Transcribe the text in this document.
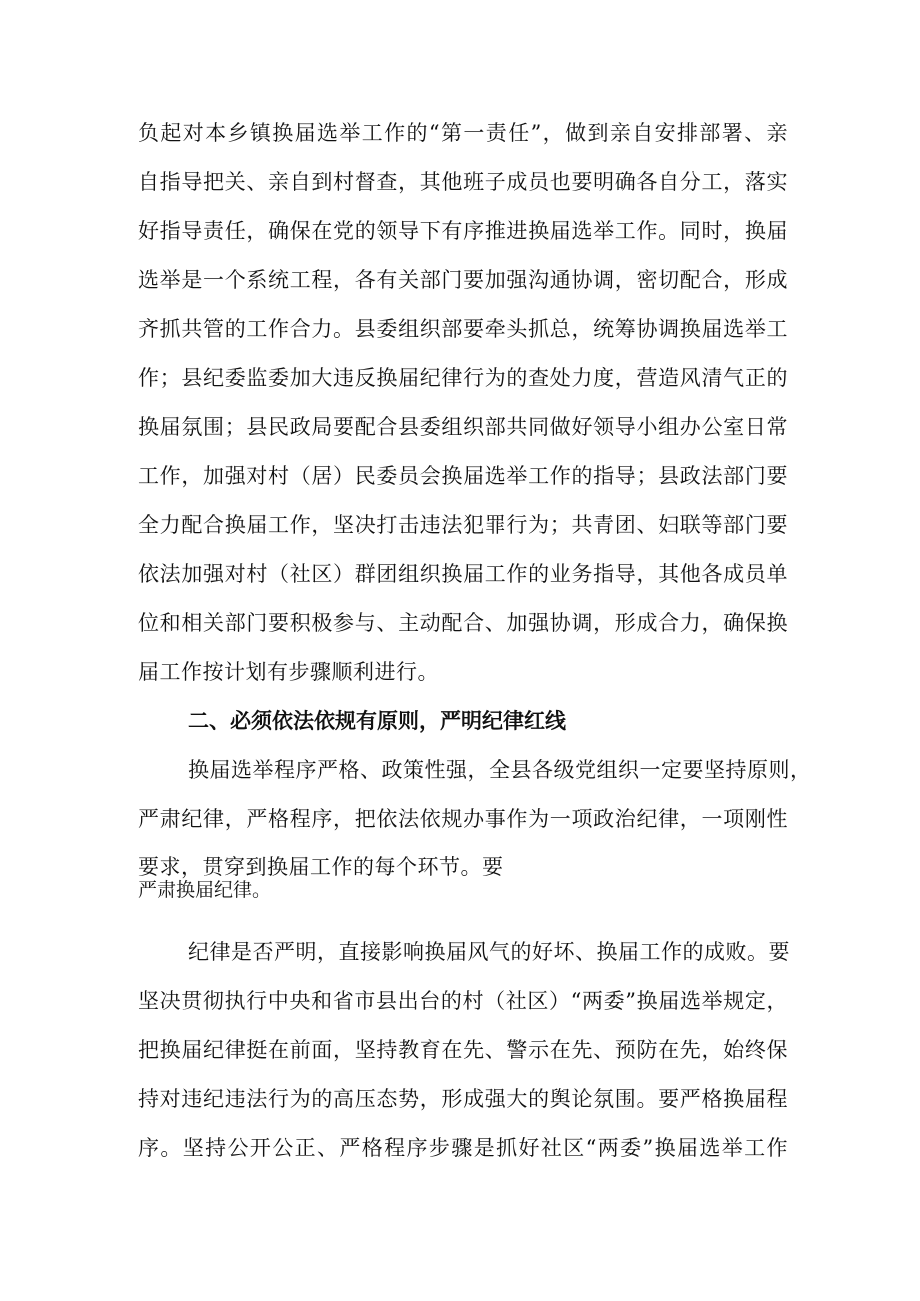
负起对本乡镇换届选举工作的“第一责任”，做到亲自安排部署、亲
自指导把关、亲自到村督查，其他班子成员也要明确各自分工，落实
好指导责任，确保在党的领导下有序推进换届选举工作。同时，换届
选举是一个系统工程，各有关部门要加强沟通协调，密切配合，形成
齐抓共管的工作合力。县委组织部要牵头抓总，统筹协调换届选举工
作；县纪委监委加大违反换届纪律行为的查处力度，营造风清气正的
换届氛围；县民政局要配合县委组织部共同做好领导小组办公室日常
工作，加强对村（居）民委员会换届选举工作的指导；县政法部门要
全力配合换届工作，坚决打击违法犯罪行为；共青团、妇联等部门要
依法加强对村（社区）群团组织换届工作的业务指导，其他各成员单
位和相关部门要积极参与、主动配合、加强协调，形成合力，确保换
届工作按计划有步骤顺利进行。
二、必须依法依规有原则，严明纪律红线
换届选举程序严格、政策性强，全县各级党组织一定要坚持原则，
严肃纪律，严格程序，把依法依规办事作为一项政治纪律，一项刚性
要求，贯穿到换届工作的每个环节。要
严肃换届纪律。
纪律是否严明，直接影响换届风气的好坏、换届工作的成败。要
坚决贯彻执行中央和省市县出台的村（社区）“两委”换届选举规定，
把换届纪律挺在前面，坚持教育在先、警示在先、预防在先，始终保
持对违纪违法行为的高压态势，形成强大的舆论氛围。要严格换届程
序。坚持公开公正、严格程序步骤是抓好社区“两委”换届选举工作
